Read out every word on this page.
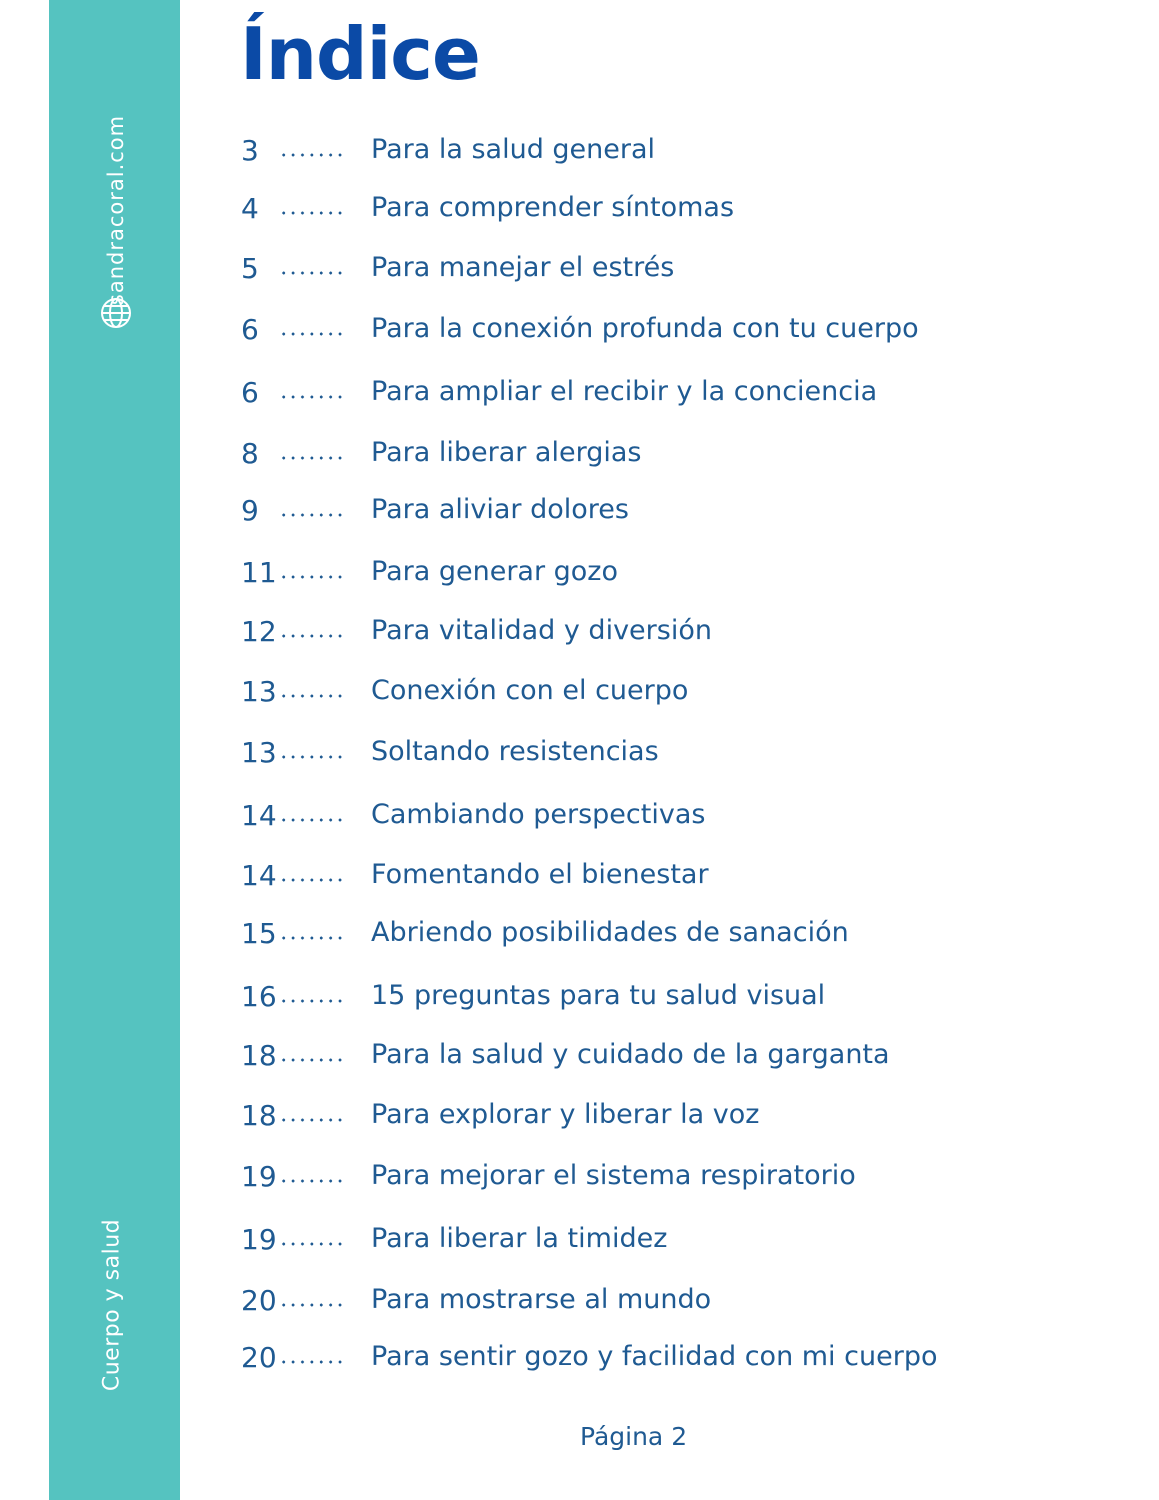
sandracoral.com
Cuerpo y salud
Índice
3	Para la salud general
4	Para comprender síntomas
5	Para manejar el estrés
6	Para la conexión profunda con tu cuerpo
6	Para ampliar el recibir y la conciencia
8	Para liberar alergias
9	Para aliviar dolores
11	Para generar gozo
12	Para vitalidad y diversión
13	Conexión con el cuerpo
13	Soltando resistencias
14	Cambiando perspectivas
14	Fomentando el bienestar
15	Abriendo posibilidades de sanación
16	15 preguntas para tu salud visual
18	Para la salud y cuidado de la garganta
18	Para explorar y liberar la voz
19	Para mejorar el sistema respiratorio
19	Para liberar la timidez
20	Para mostrarse al mundo
20	Para sentir gozo y facilidad con mi cuerpo
Página 2
